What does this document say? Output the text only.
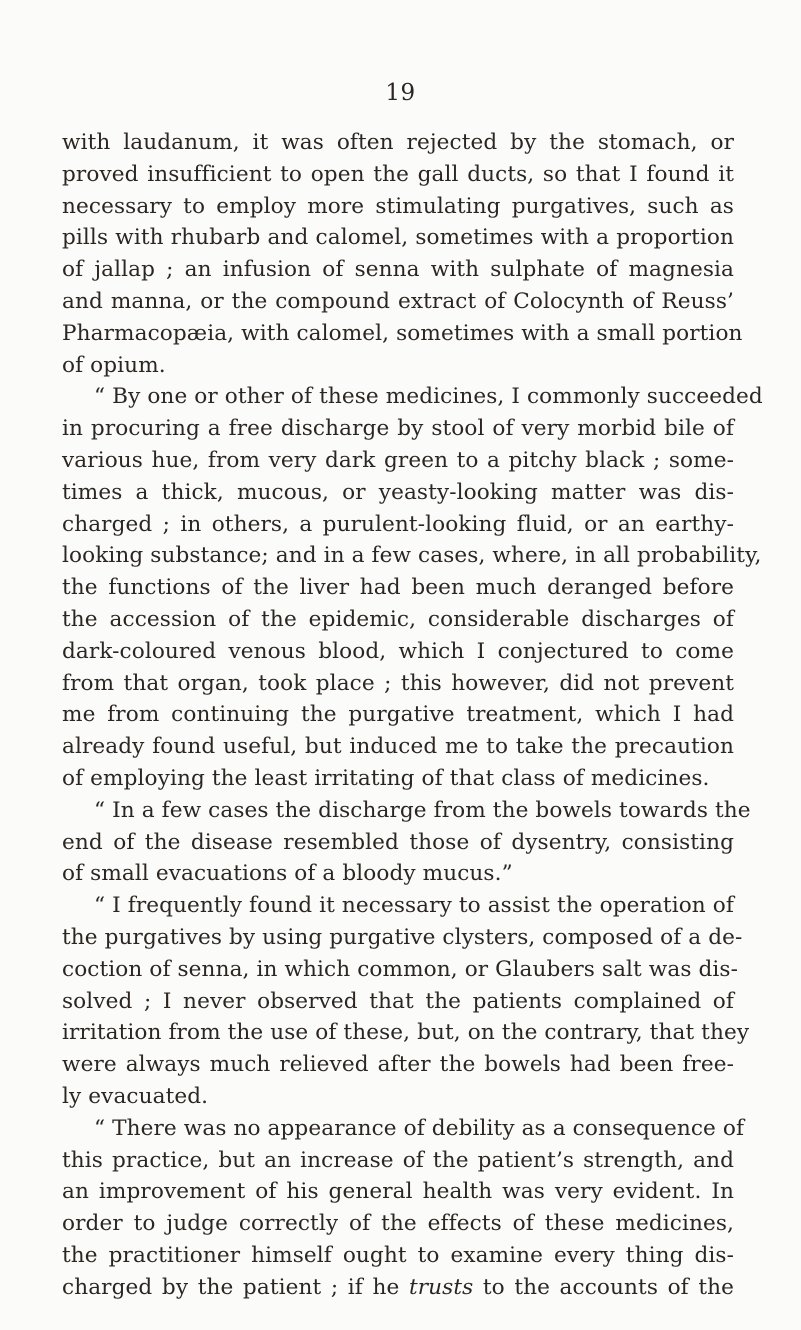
19
with laudanum, it was often rejected by the stomach, or
proved insufficient to open the gall ducts, so that I found it
necessary to employ more stimulating purgatives, such as
pills with rhubarb and calomel, sometimes with a proportion
of jallap ; an infusion of senna with sulphate of magnesia
and manna, or the compound extract of Colocynth of Reuss’
Pharmacopæia, with calomel, sometimes with a small portion
of opium.
“ By one or other of these medicines, I commonly succeeded
in procuring a free discharge by stool of very morbid bile of
various hue, from very dark green to a pitchy black ; some-
times a thick, mucous, or yeasty-looking matter was dis-
charged ; in others, a purulent-looking fluid, or an earthy-
looking substance; and in a few cases, where, in all probability,
the functions of the liver had been much deranged before
the accession of the epidemic, considerable discharges of
dark-coloured venous blood, which I conjectured to come
from that organ, took place ; this however, did not prevent
me from continuing the purgative treatment, which I had
already found useful, but induced me to take the precaution
of employing the least irritating of that class of medicines.
“ In a few cases the discharge from the bowels towards the
end of the disease resembled those of dysentry, consisting
of small evacuations of a bloody mucus.”
“ I frequently found it necessary to assist the operation of
the purgatives by using purgative clysters, composed of a de-
coction of senna, in which common, or Glaubers salt was dis-
solved ; I never observed that the patients complained of
irritation from the use of these, but, on the contrary, that they
were always much relieved after the bowels had been free-
ly evacuated.
“ There was no appearance of debility as a consequence of
this practice, but an increase of the patient’s strength, and
an improvement of his general health was very evident. In
order to judge correctly of the effects of these medicines,
the practitioner himself ought to examine every thing dis-
charged by the patient ; if he trusts to the accounts of the
